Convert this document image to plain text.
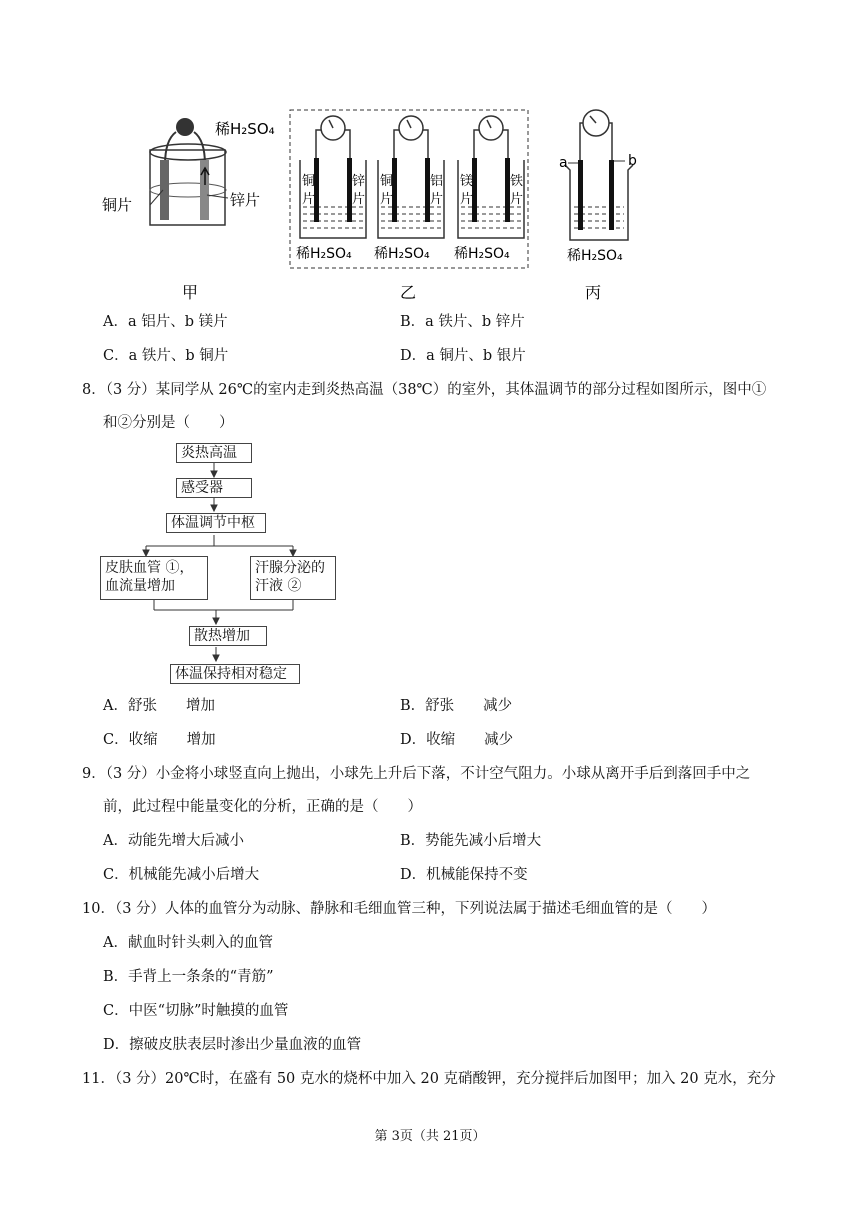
稀H₂SO₄
铜片	锌片
甲
铜
片
锌
片
稀H₂SO₄
铜
片
铝
片
稀H₂SO₄
镁
片
铁
片
稀H₂SO₄
乙
a	b
稀H₂SO₄
丙
A．a 铝片、b 镁片	B．a 铁片、b 锌片
C．a 铁片、b 铜片	D．a 铜片、b 银片
8．（3 分）某同学从 26℃的室内走到炎热高温（38℃）的室外，其体温调节的部分过程如图所示，图中①
和②分别是（　　）
炎热高温
感受器
体温调节中枢
皮肤血管 ①，
血流量增加
汗腺分泌的
汗液 ②
散热增加
体温保持相对稳定
A．舒张　　增加	B．舒张　　减少
C．收缩　　增加	D．收缩　　减少
9．（3 分）小金将小球竖直向上抛出，小球先上升后下落，不计空气阻力。小球从离开手后到落回手中之
前，此过程中能量变化的分析，正确的是（　　）
A．动能先增大后减小	B．势能先减小后增大
C．机械能先减小后增大	D．机械能保持不变
10．（3 分）人体的血管分为动脉、静脉和毛细血管三种，下列说法属于描述毛细血管的是（　　）
A．献血时针头刺入的血管
B．手背上一条条的“青筋”
C．中医“切脉”时触摸的血管
D．擦破皮肤表层时渗出少量血液的血管
11．（3 分）20℃时，在盛有 50 克水的烧杯中加入 20 克硝酸钾，充分搅拌后加图甲；加入 20 克水，充分
第 3页（共 21页）
